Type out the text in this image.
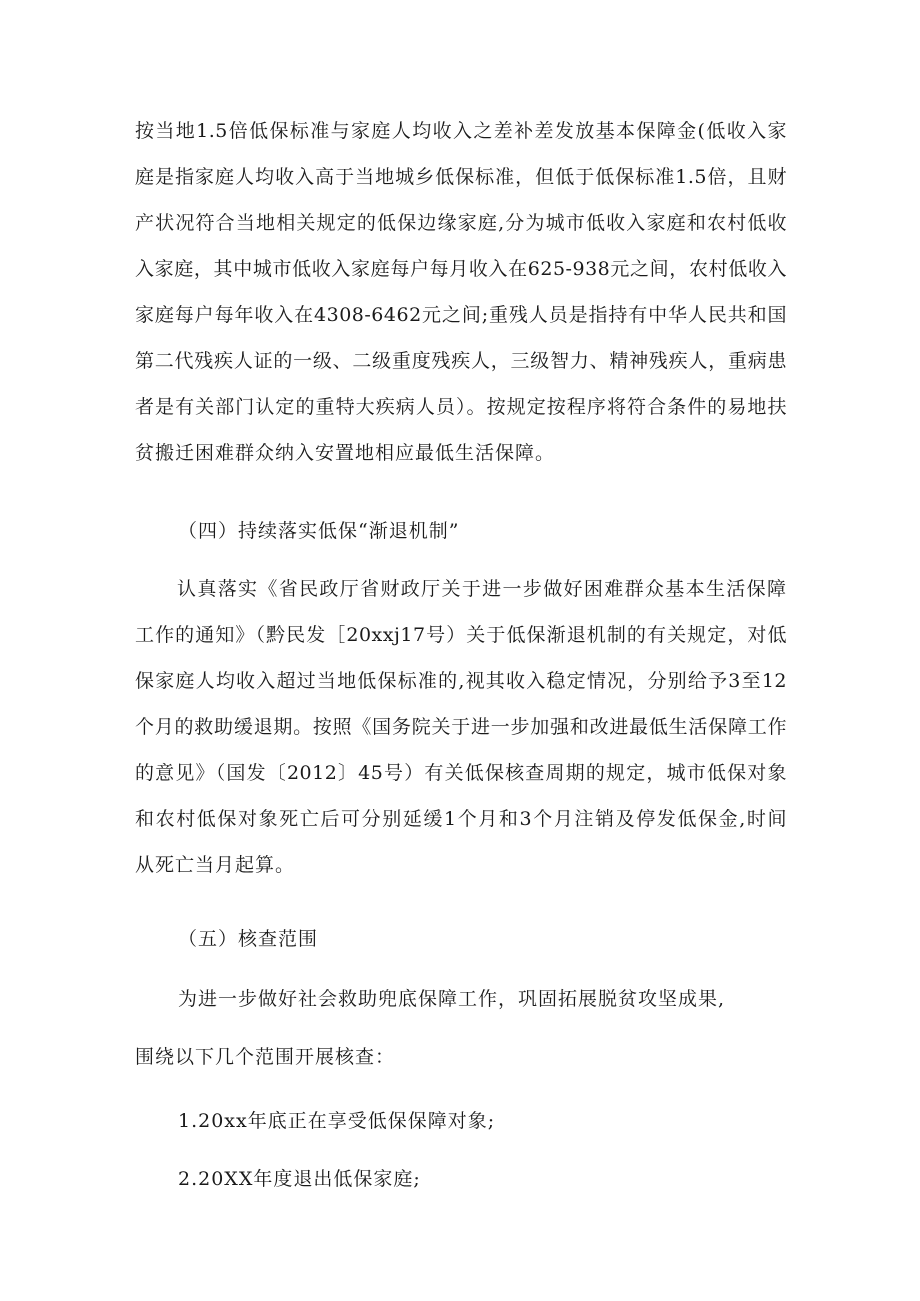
按当地1.5倍低保标准与家庭人均收入之差补差发放基本保障金(低收入家
庭是指家庭人均收入高于当地城乡低保标准，但低于低保标准1.5倍，且财
产状况符合当地相关规定的低保边缘家庭,分为城市低收入家庭和农村低收
入家庭，其中城市低收入家庭每户每月收入在625-938元之间，农村低收入
家庭每户每年收入在4308-6462元之间;重残人员是指持有中华人民共和国
第二代残疾人证的一级、二级重度残疾人，三级智力、精神残疾人，重病患
者是有关部门认定的重特大疾病人员）。按规定按程序将符合条件的易地扶
贫搬迁困难群众纳入安置地相应最低生活保障。

（四）持续落实低保“渐退机制”

认真落实《省民政厅省财政厅关于进一步做好困难群众基本生活保障
工作的通知》（黔民发［20xxj17号）关于低保渐退机制的有关规定，对低
保家庭人均收入超过当地低保标准的,视其收入稳定情况，分别给予3至12
个月的救助缓退期。按照《国务院关于进一步加强和改进最低生活保障工作
的意见》（国发〔2012〕45号）有关低保核查周期的规定，城市低保对象
和农村低保对象死亡后可分别延缓1个月和3个月注销及停发低保金,时间
从死亡当月起算。

（五）核查范围

为进一步做好社会救助兜底保障工作，巩固拓展脱贫攻坚成果,

围绕以下几个范围开展核查：

1.20xx年底正在享受低保保障对象;

2.20XX年度退出低保家庭;
